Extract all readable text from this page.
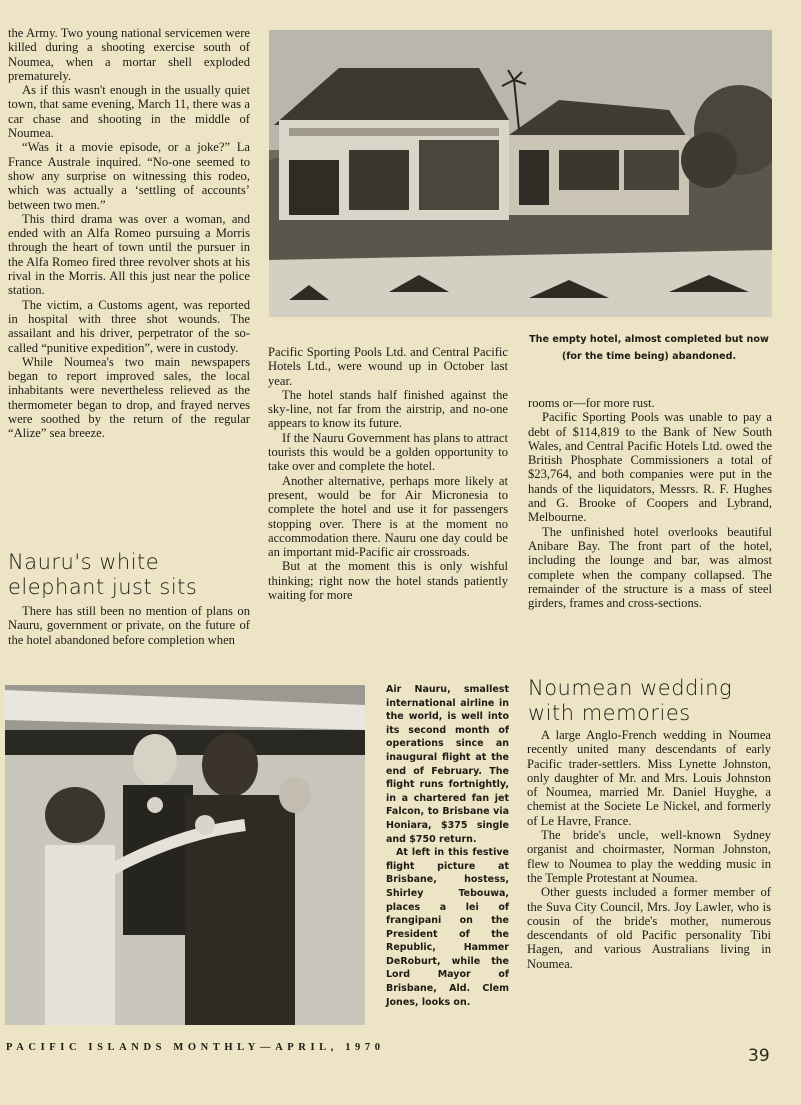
the Army. Two young national servicemen were killed during a shooting exercise south of Noumea, when a mortar shell exploded prematurely.

As if this wasn't enough in the usually quiet town, that same evening, March 11, there was a car chase and shooting in the middle of Noumea.

“Was it a movie episode, or a joke?” La France Australe inquired. “No-one seemed to show any surprise on witnessing this rodeo, which was actually a ‘settling of accounts’ between two men.”

This third drama was over a woman, and ended with an Alfa Romeo pursuing a Morris through the heart of town until the pursuer in the Alfa Romeo fired three revolver shots at his rival in the Morris. All this just near the police station.

The victim, a Customs agent, was reported in hospital with three shot wounds. The assailant and his driver, perpetrator of the so-called “punitive expedition”, were in custody.

While Noumea's two main newspapers began to report improved sales, the local inhabitants were nevertheless relieved as the thermometer began to drop, and frayed nerves were soothed by the return of the regular “Alize” sea breeze.

Nauru's white elephant just sits

There has still been no mention of plans on Nauru, government or private, on the future of the hotel abandoned before completion when

The empty hotel, almost completed but now (for the time being) abandoned.

Pacific Sporting Pools Ltd. and Central Pacific Hotels Ltd., were wound up in October last year.

The hotel stands half finished against the sky-line, not far from the airstrip, and no-one appears to know its future.

If the Nauru Government has plans to attract tourists this would be a golden opportunity to take over and complete the hotel.

Another alternative, perhaps more likely at present, would be for Air Micronesia to complete the hotel and use it for passengers stopping over. There is at the moment no accommodation there. Nauru one day could be an important mid-Pacific air crossroads.

But at the moment this is only wishful thinking; right now the hotel stands patiently waiting for more

rooms or—for more rust.

Pacific Sporting Pools was unable to pay a debt of $114,819 to the Bank of New South Wales, and Central Pacific Hotels Ltd. owed the British Phosphate Commissioners a total of $23,764, and both companies were put in the hands of the liquidators, Messrs. R. F. Hughes and G. Brooke of Coopers and Lybrand, Melbourne.

The unfinished hotel overlooks beautiful Anibare Bay. The front part of the hotel, including the lounge and bar, was almost complete when the company collapsed. The remainder of the structure is a mass of steel girders, frames and cross-sections.

Noumean wedding with memories

A large Anglo-French wedding in Noumea recently united many descendants of early Pacific trader-settlers. Miss Lynette Johnston, only daughter of Mr. and Mrs. Louis Johnston of Noumea, married Mr. Daniel Huyghe, a chemist at the Societe Le Nickel, and formerly of Le Havre, France.

The bride's uncle, well-known Sydney organist and choirmaster, Norman Johnston, flew to Noumea to play the wedding music in the Temple Protestant at Noumea.

Other guests included a former member of the Suva City Council, Mrs. Joy Lawler, who is cousin of the bride's mother, numerous descendants of old Pacific personality Tibi Hagen, and various Australians living in Noumea.

Air Nauru, smallest international airline in the world, is well into its second month of operations since an inaugural flight at the end of February. The flight runs fortnightly, in a chartered fan jet Falcon, to Brisbane via Honiara, $375 single and $750 return.

At left in this festive flight picture at Brisbane, hostess, Shirley Tebouwa, places a lei of frangipani on the President of the Republic, Hammer DeRoburt, while the Lord Mayor of Brisbane, Ald. Clem Jones, looks on.

PACIFIC ISLANDS MONTHLY—APRIL, 1970	39
